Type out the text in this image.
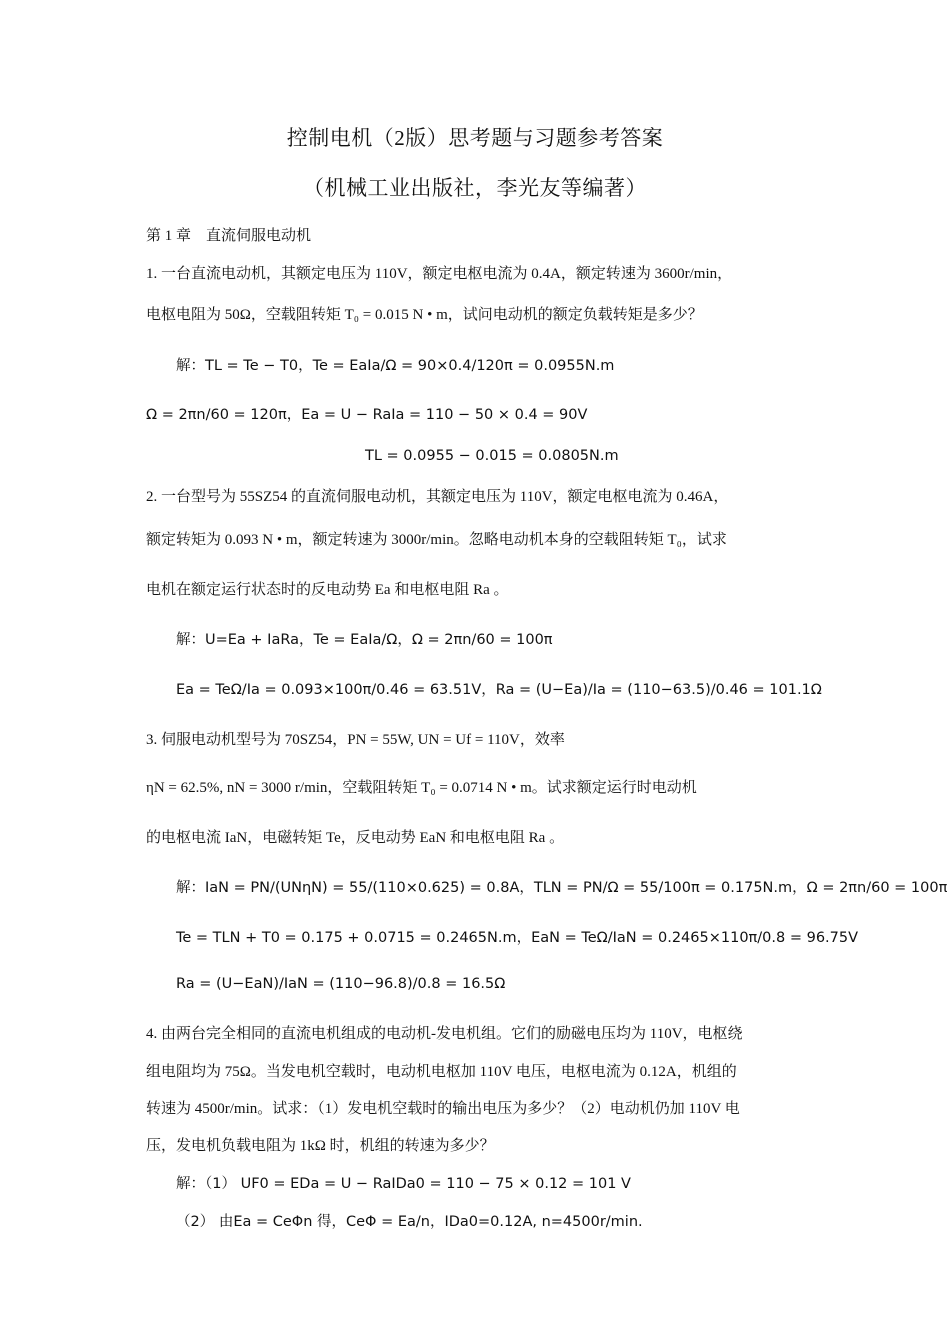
控制电机（2版）思考题与习题参考答案
（机械工业出版社，李光友等编著）
第 1 章　直流伺服电动机
1. 一台直流电动机，其额定电压为 110V，额定电枢电流为 0.4A，额定转速为 3600r/min，
电枢电阻为 50Ω，空载阻转矩 T₀ = 0.015 N • m，试问电动机的额定负载转矩是多少？
解：TL = Te − T0，Te = EaIa/Ω = 90×0.4/120π = 0.0955N.m
Ω = 2πn/60 = 120π，Ea = U − RaIa = 110 − 50 × 0.4 = 90V
TL = 0.0955 − 0.015 = 0.0805N.m
2. 一台型号为 55SZ54 的直流伺服电动机，其额定电压为 110V，额定电枢电流为 0.46A，
额定转矩为 0.093 N • m，额定转速为 3000r/min。忽略电动机本身的空载阻转矩 T₀，试求
电机在额定运行状态时的反电动势 Ea 和电枢电阻 Ra 。
解：U=Ea + IaRa，Te = EaIa/Ω，Ω = 2πn/60 = 100π
Ea = TeΩ/Ia = 0.093×100π/0.46 = 63.51V，Ra = (U−Ea)/Ia = (110−63.5)/0.46 = 101.1Ω
3. 伺服电动机型号为 70SZ54，PN = 55W, UN = Uf = 110V，效率
ηN = 62.5%, nN = 3000 r/min，空载阻转矩 T₀ = 0.0714 N • m。试求额定运行时电动机
的电枢电流 IaN，电磁转矩 Te，反电动势 EaN 和电枢电阻 Ra 。
解：IaN = PN/(UNηN) = 55/(110×0.625) = 0.8A，TLN = PN/Ω = 55/100π = 0.175N.m，Ω = 2πn/60 = 100π
Te = TLN + T0 = 0.175 + 0.0715 = 0.2465N.m，EaN = TeΩ/IaN = 0.2465×110π/0.8 = 96.75V
Ra = (U−EaN)/IaN = (110−96.8)/0.8 = 16.5Ω
4. 由两台完全相同的直流电机组成的电动机-发电机组。它们的励磁电压均为 110V，电枢绕
组电阻均为 75Ω。当发电机空载时，电动机电枢加 110V 电压，电枢电流为 0.12A，机组的
转速为 4500r/min。试求：（1）发电机空载时的输出电压为多少？（2）电动机仍加 110V 电
压，发电机负载电阻为 1kΩ 时，机组的转速为多少？
解：（1） UF0 = EDa = U − RaIDa0 = 110 − 75 × 0.12 = 101 V
（2） 由Ea = CeΦn 得，CeΦ = Ea/n，IDa0=0.12A, n=4500r/min.
